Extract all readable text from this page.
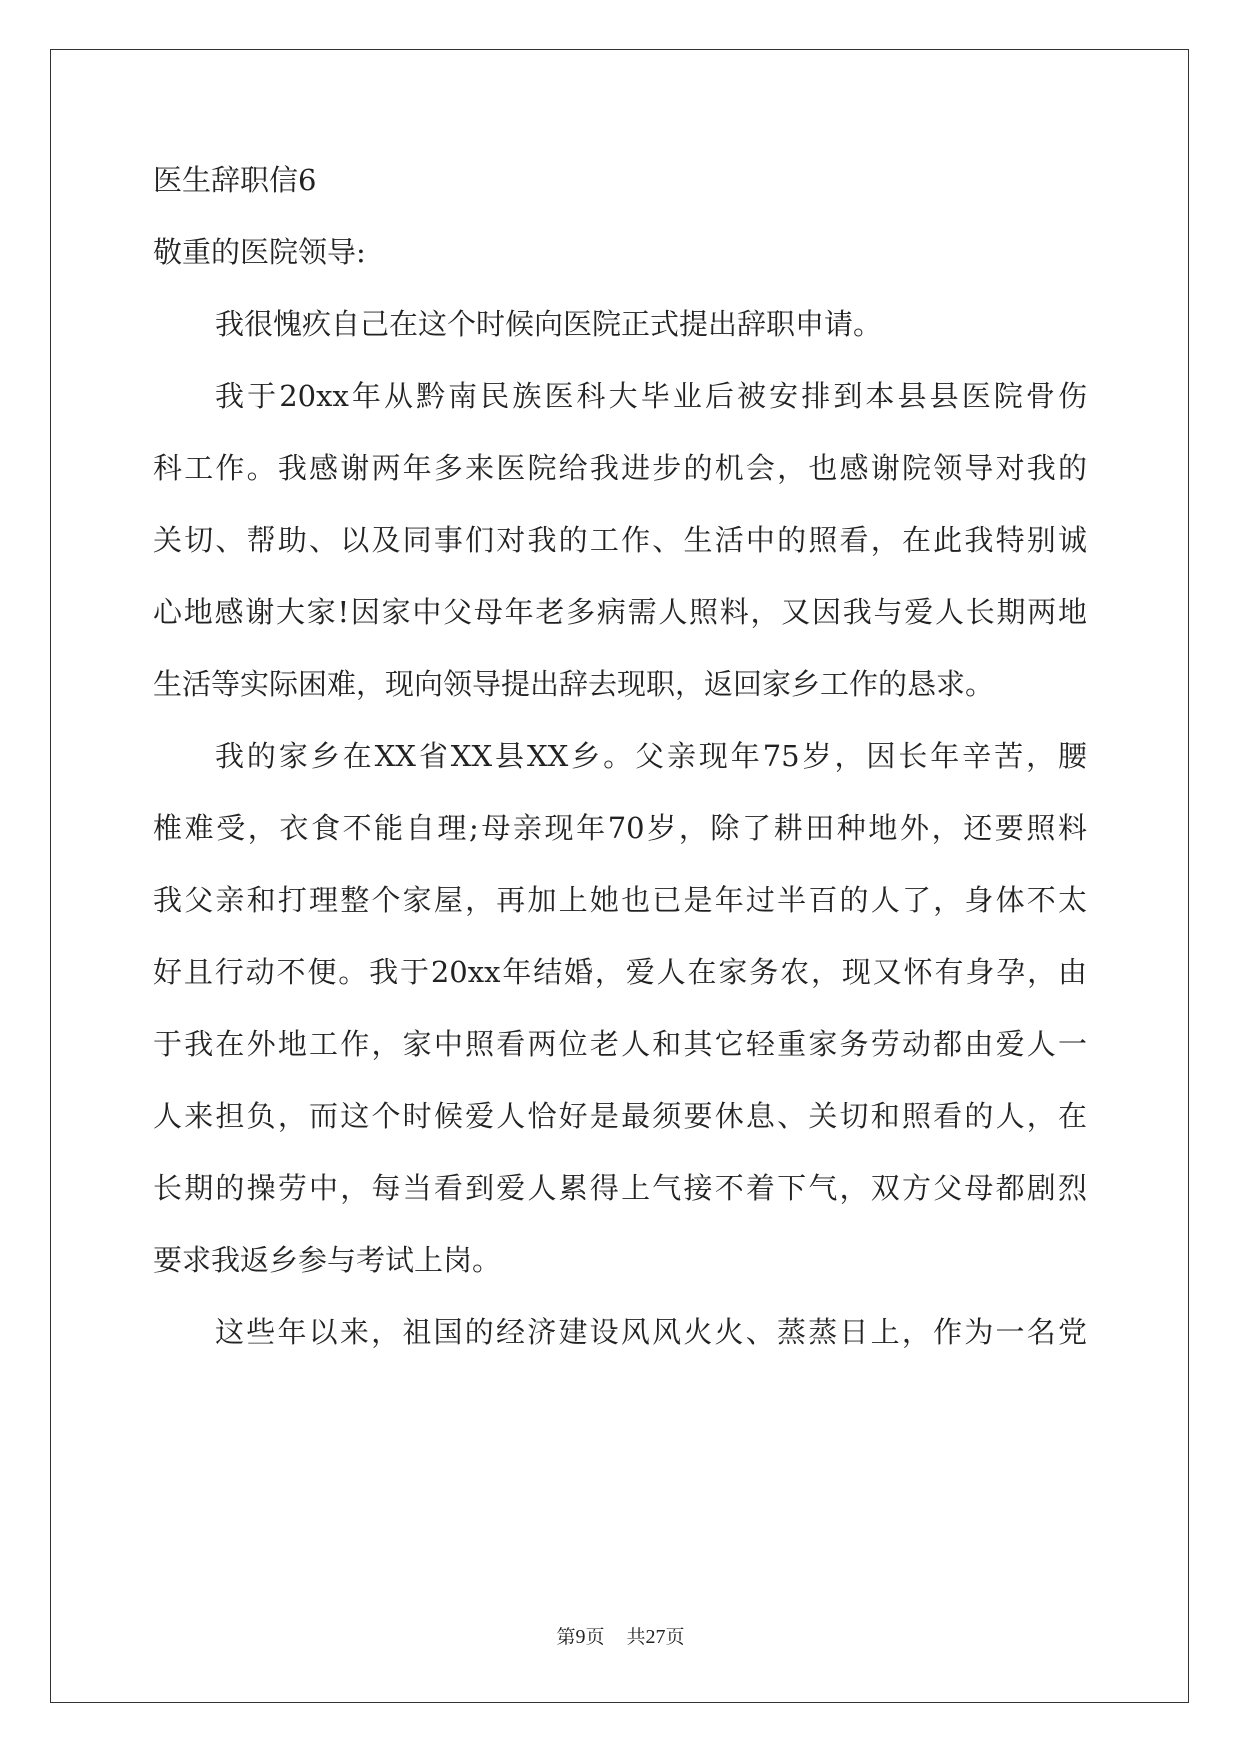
医生辞职信6
敬重的医院领导:
我很愧疚自己在这个时候向医院正式提出辞职申请。
我于20xx年从黔南民族医科大毕业后被安排到本县县医院骨伤
科工作。我感谢两年多来医院给我进步的机会，也感谢院领导对我的
关切、帮助、以及同事们对我的工作、生活中的照看，在此我特别诚
心地感谢大家!因家中父母年老多病需人照料，又因我与爱人长期两地
生活等实际困难，现向领导提出辞去现职，返回家乡工作的恳求。
我的家乡在XX省XX县XX乡。父亲现年75岁，因长年辛苦，腰
椎难受，衣食不能自理;母亲现年70岁，除了耕田种地外，还要照料
我父亲和打理整个家屋，再加上她也已是年过半百的人了，身体不太
好且行动不便。我于20xx年结婚，爱人在家务农，现又怀有身孕，由
于我在外地工作，家中照看两位老人和其它轻重家务劳动都由爱人一
人来担负，而这个时候爱人恰好是最须要休息、关切和照看的人，在
长期的操劳中，每当看到爱人累得上气接不着下气，双方父母都剧烈
要求我返乡参与考试上岗。
这些年以来，祖国的经济建设风风火火、蒸蒸日上，作为一名党
第9页 共27页
